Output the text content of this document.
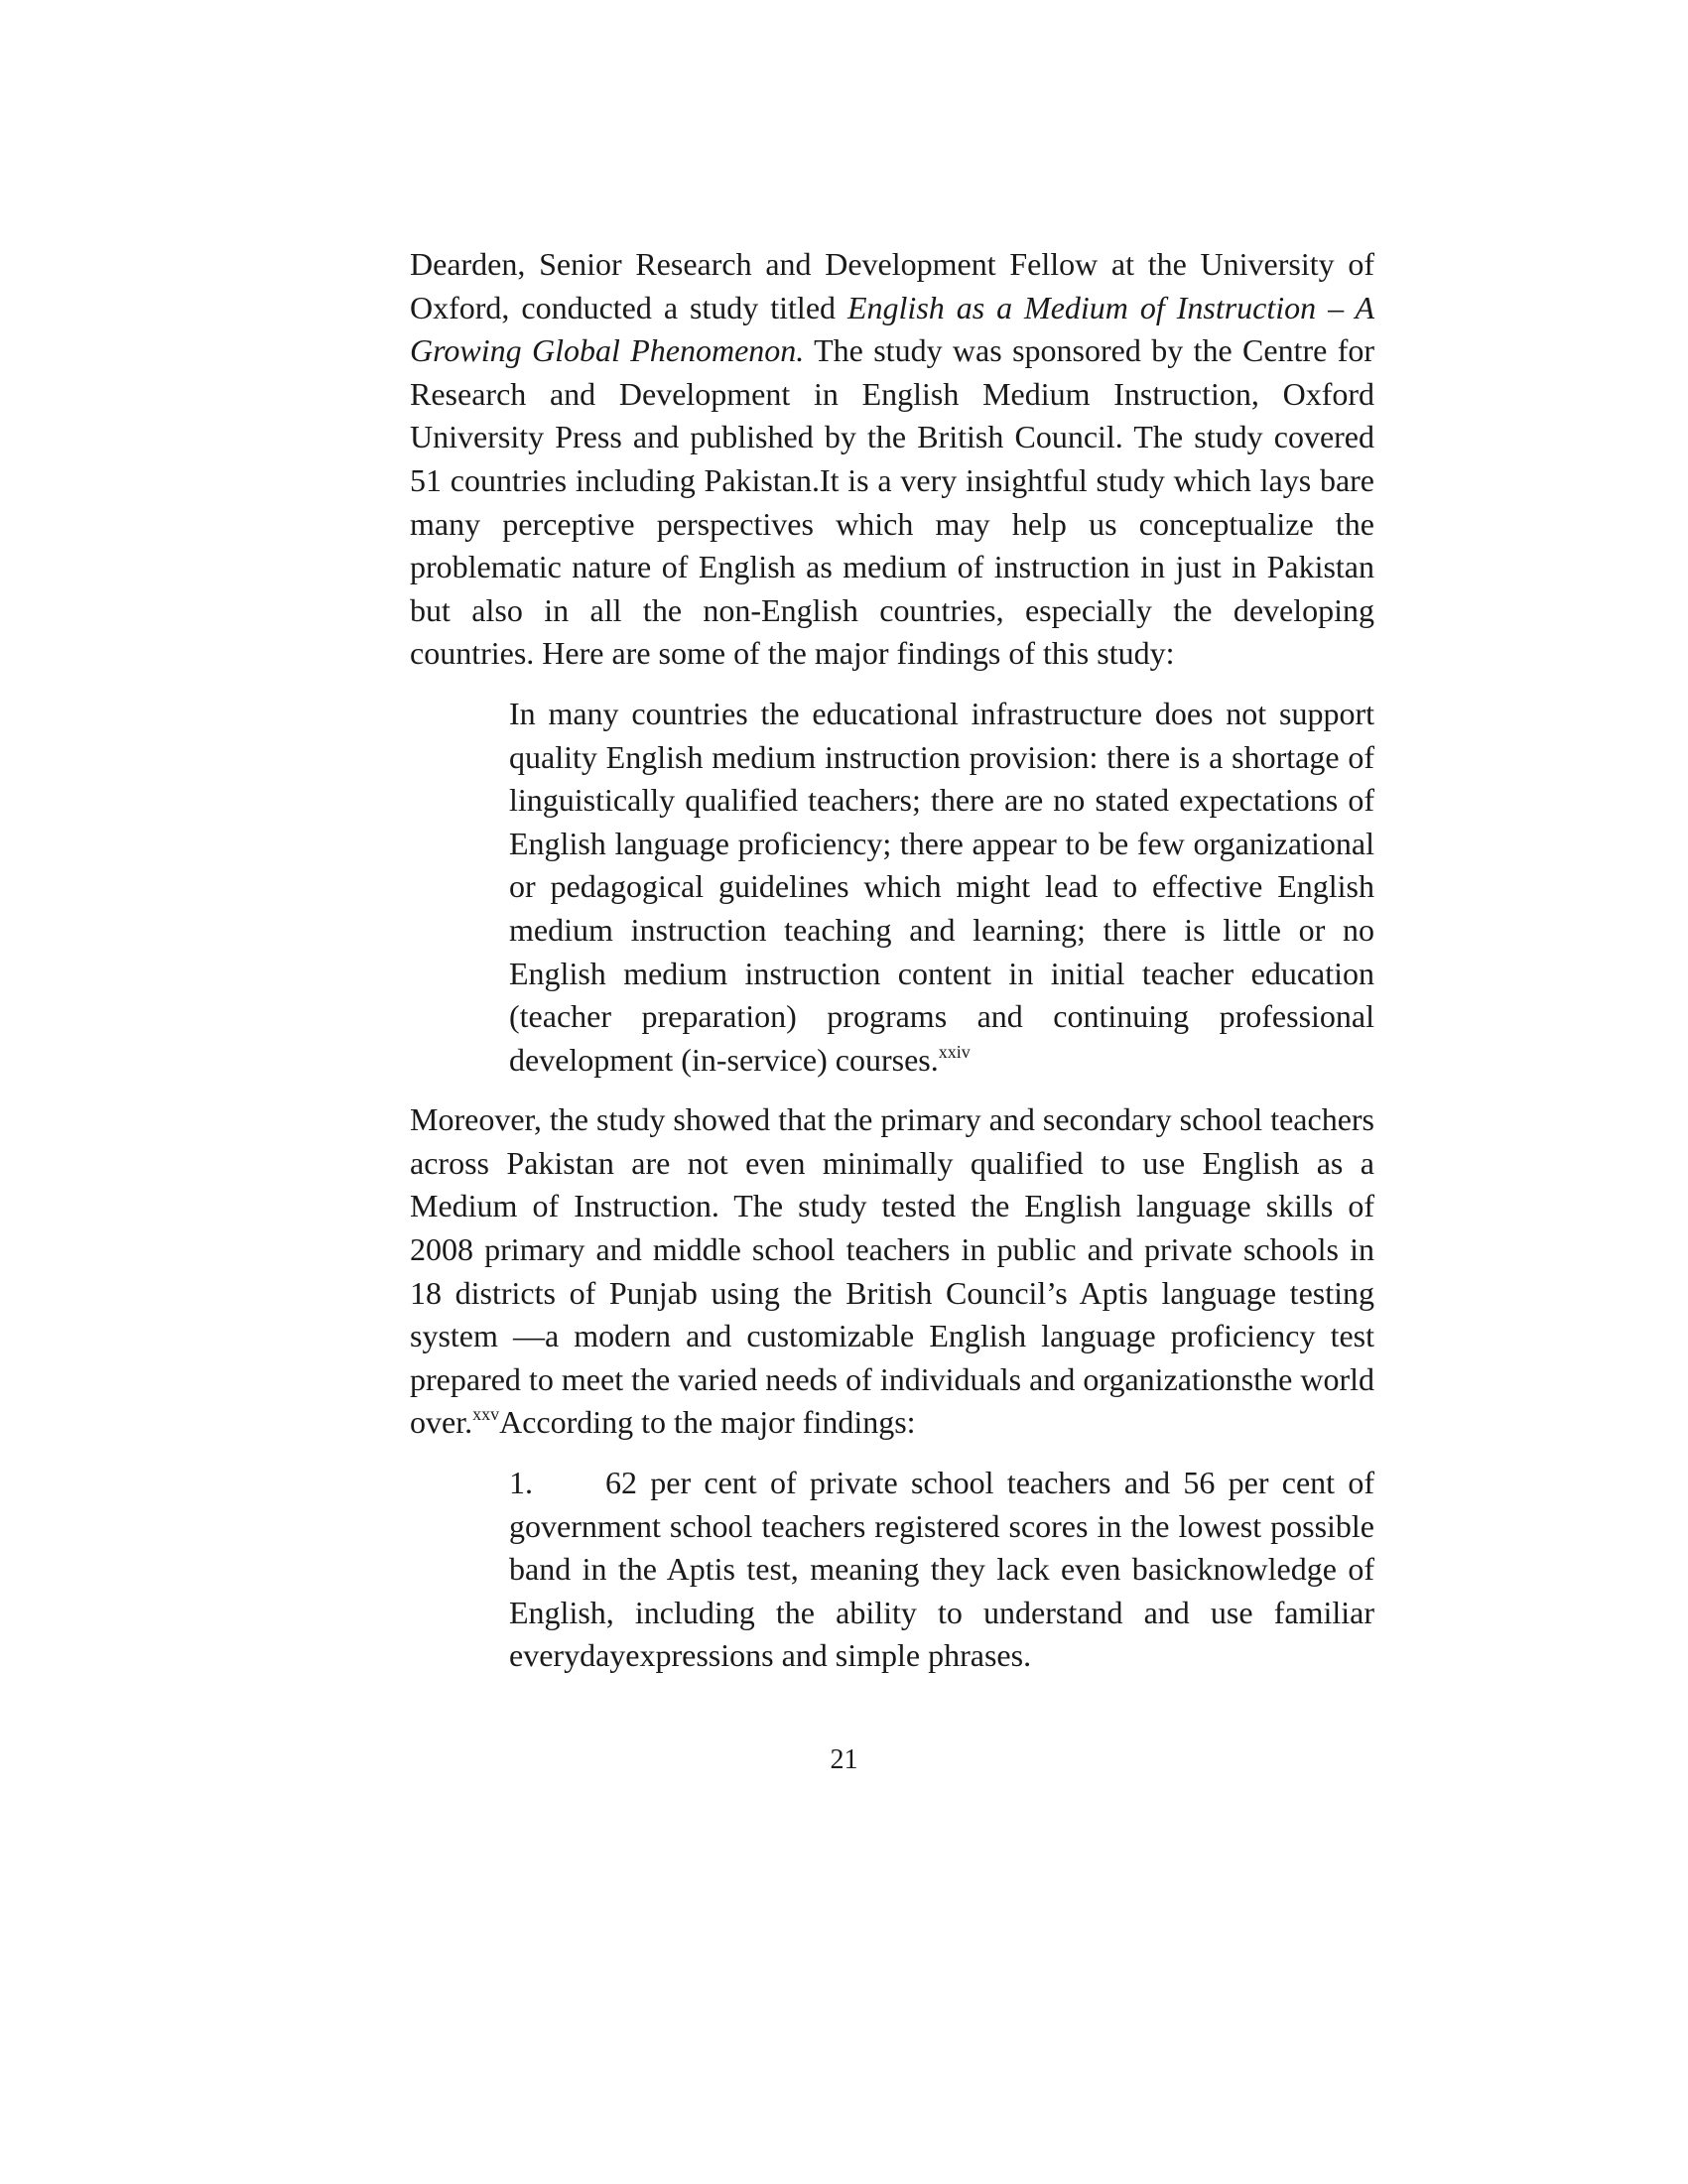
Dearden, Senior Research and Development Fellow at the University of Oxford, conducted a study titled English as a Medium of Instruction – A Growing Global Phenomenon. The study was sponsored by the Centre for Research and Development in English Medium Instruction, Oxford University Press and published by the British Council. The study covered 51 countries including Pakistan.It is a very insightful study which lays bare many perceptive perspectives which may help us conceptualize the problematic nature of English as medium of instruction in just in Pakistan but also in all the non-English countries, especially the developing countries. Here are some of the major findings of this study:

In many countries the educational infrastructure does not support quality English medium instruction provision: there is a shortage of linguistically qualified teachers; there are no stated expectations of English language proficiency; there appear to be few organizational or pedagogical guidelines which might lead to effective English medium instruction teaching and learning; there is little or no English medium instruction content in initial teacher education (teacher preparation) programs and continuing professional development (in-service) courses.$^{xxiv}$

Moreover, the study showed that the primary and secondary school teachers across Pakistan are not even minimally qualified to use English as a Medium of Instruction. The study tested the English language skills of 2008 primary and middle school teachers in public and private schools in 18 districts of Punjab using the British Council’s Aptis language testing system —a modern and customizable English language proficiency test prepared to meet the varied needs of individuals and organizationsthe world over.$^{xxv}$According to the major findings:

1. 62 per cent of private school teachers and 56 per cent of government school teachers registered scores in the lowest possible band in the Aptis test, meaning they lack even basicknowledge of English, including the ability to understand and use familiar everydayexpressions and simple phrases.
21
